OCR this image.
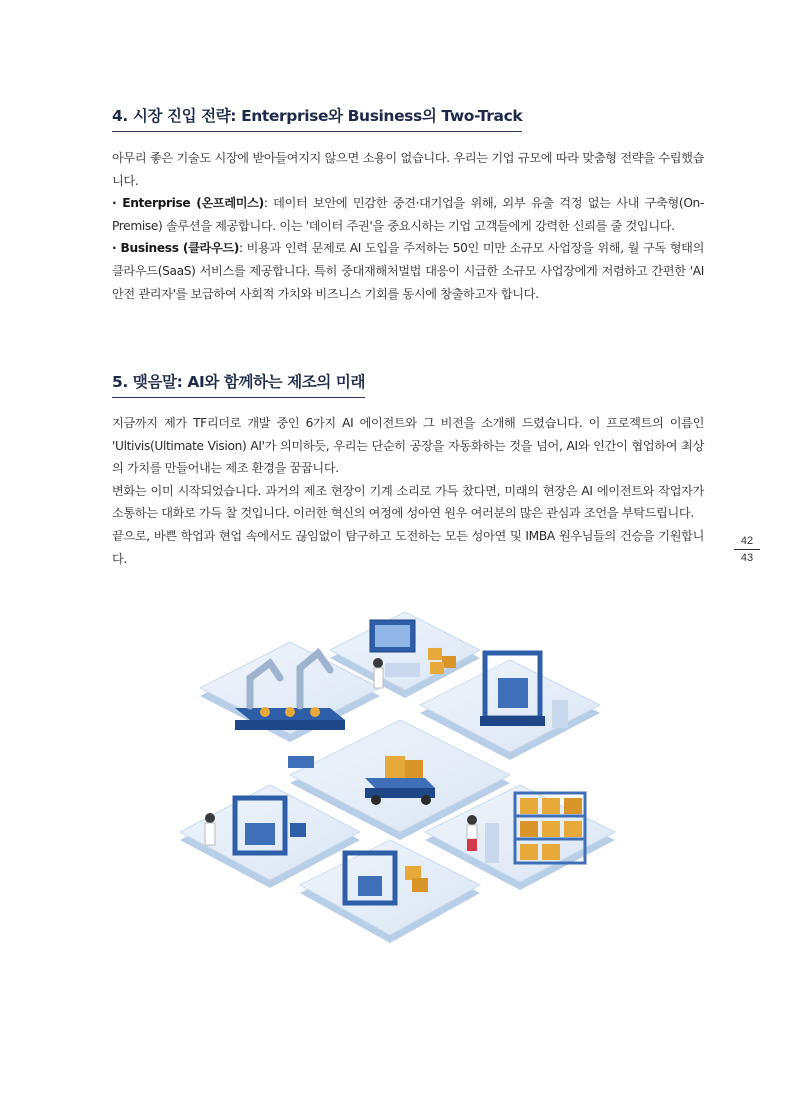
4. 시장 진입 전략: Enterprise와 Business의 Two-Track

아무리 좋은 기술도 시장에 받아들여지지 않으면 소용이 없습니다. 우리는 기업 규모에 따라 맞춤형 전략을 수립했습니다.

· Enterprise (온프레미스): 데이터 보안에 민감한 중견·대기업을 위해, 외부 유출 걱정 없는 사내 구축형(On-Premise) 솔루션을 제공합니다. 이는 '데이터 주권'을 중요시하는 기업 고객들에게 강력한 신뢰를 줄 것입니다.

· Business (클라우드): 비용과 인력 문제로 AI 도입을 주저하는 50인 미만 소규모 사업장을 위해, 월 구독 형태의 클라우드(SaaS) 서비스를 제공합니다. 특히 중대재해처벌법 대응이 시급한 소규모 사업장에게 저렴하고 간편한 'AI 안전 관리자'를 보급하여 사회적 가치와 비즈니스 기회를 동시에 창출하고자 합니다.

5. 맺음말: AI와 함께하는 제조의 미래

지금까지 제가 TF리더로 개발 중인 6가지 AI 에이전트와 그 비전을 소개해 드렸습니다. 이 프로젝트의 이름인 'Ultivis(Ultimate Vision) AI'가 의미하듯, 우리는 단순히 공장을 자동화하는 것을 넘어, AI와 인간이 협업하여 최상의 가치를 만들어내는 제조 환경을 꿈꿉니다.

변화는 이미 시작되었습니다. 과거의 제조 현장이 기계 소리로 가득 찼다면, 미래의 현장은 AI 에이전트와 작업자가 소통하는 대화로 가득 찰 것입니다. 이러한 혁신의 여정에 성아연 원우 여러분의 많은 관심과 조언을 부탁드립니다.

끝으로, 바쁜 학업과 현업 속에서도 끊임없이 탐구하고 도전하는 모든 성아연 및 IMBA 원우님들의 건승을 기원합니다.

42
43
